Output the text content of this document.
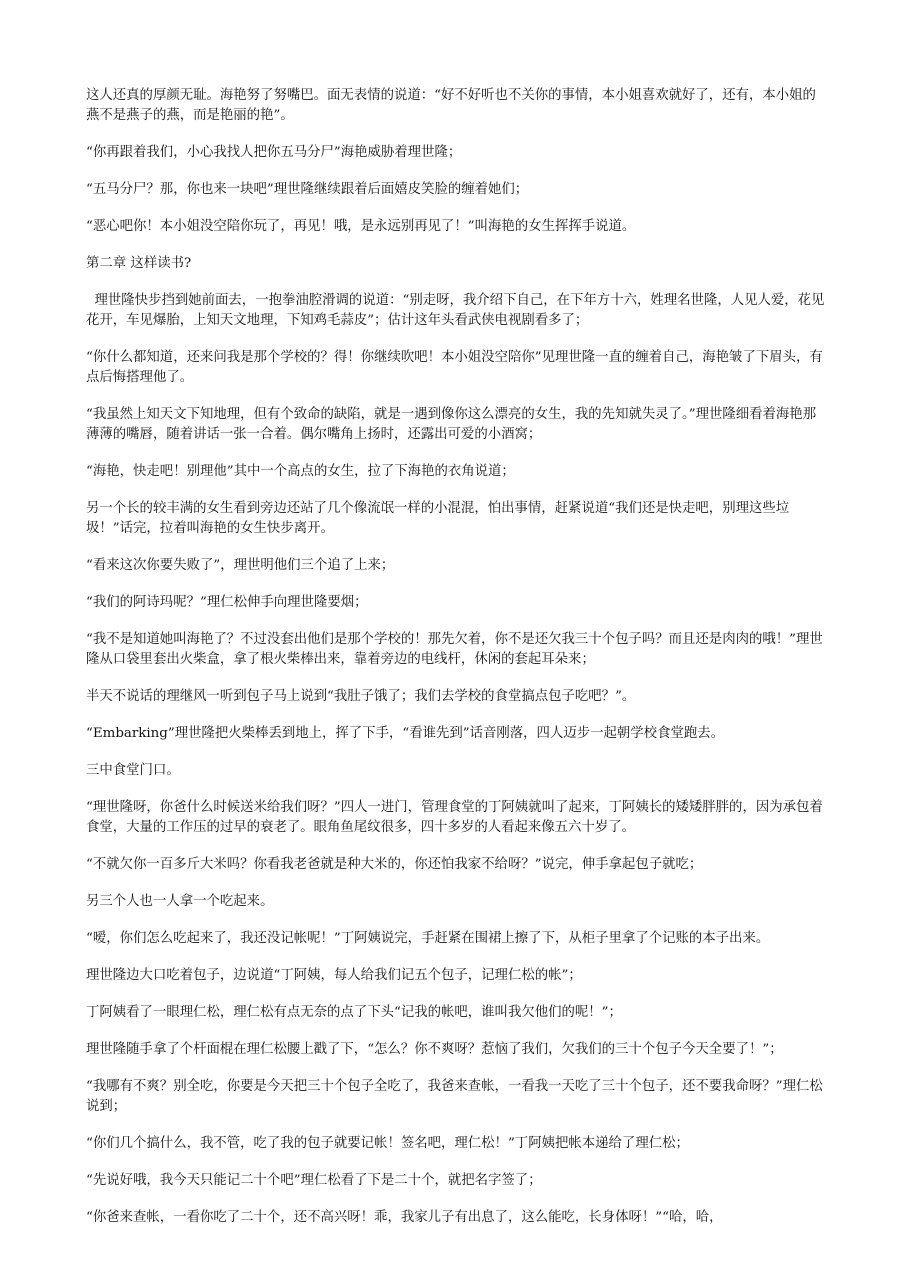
这人还真的厚颜无耻。海艳努了努嘴巴。面无表情的说道：“好不好听也不关你的事情，本小姐喜欢就好了，还有，本小姐的燕不是燕子的燕，而是艳丽的艳”。

“你再跟着我们，小心我找人把你五马分尸”海艳威胁着理世隆；

“五马分尸？那，你也来一块吧”理世隆继续跟着后面嬉皮笑脸的缠着她们；

“恶心吧你！本小姐没空陪你玩了，再见！哦，是永远别再见了！”叫海艳的女生挥挥手说道。

第二章 这样读书?

理世隆快步挡到她前面去，一抱拳油腔滑调的说道：“别走呀，我介绍下自己，在下年方十六，姓理名世隆，人见人爱，花见花开，车见爆胎，上知天文地理，下知鸡毛蒜皮”；估计这年头看武侠电视剧看多了；

“你什么都知道，还来问我是那个学校的？得！你继续吹吧！本小姐没空陪你”见理世隆一直的缠着自己，海艳皱了下眉头，有点后悔搭理他了。

“我虽然上知天文下知地理，但有个致命的缺陷，就是一遇到像你这么漂亮的女生，我的先知就失灵了。”理世隆细看着海艳那薄薄的嘴唇，随着讲话一张一合着。偶尔嘴角上扬时，还露出可爱的小酒窝；

“海艳，快走吧！别理他”其中一个高点的女生，拉了下海艳的衣角说道；

另一个长的较丰满的女生看到旁边还站了几个像流氓一样的小混混，怕出事情，赶紧说道“我们还是快走吧，别理这些垃圾！”话完，拉着叫海艳的女生快步离开。

“看来这次你要失败了”，理世明他们三个追了上来；

“我们的阿诗玛呢？”理仁松伸手向理世隆要烟；

“我不是知道她叫海艳了？不过没套出他们是那个学校的！那先欠着，你不是还欠我三十个包子吗？而且还是肉肉的哦！”理世隆从口袋里套出火柴盒，拿了根火柴棒出来，靠着旁边的电线杆，休闲的套起耳朵来；

半天不说话的理继风一听到包子马上说到“我肚子饿了；我们去学校的食堂搞点包子吃吧？”。

“Embarking”理世隆把火柴棒丢到地上，挥了下手，“看谁先到”话音刚落，四人迈步一起朝学校食堂跑去。

三中食堂门口。

“理世隆呀，你爸什么时候送米给我们呀？”四人一进门，管理食堂的丁阿姨就叫了起来，丁阿姨长的矮矮胖胖的，因为承包着食堂，大量的工作压的过早的衰老了。眼角鱼尾纹很多，四十多岁的人看起来像五六十岁了。

“不就欠你一百多斤大米吗？你看我老爸就是种大米的，你还怕我家不给呀？”说完，伸手拿起包子就吃；

另三个人也一人拿一个吃起来。

“嗳，你们怎么吃起来了，我还没记帐呢！”丁阿姨说完，手赶紧在围裙上擦了下，从柜子里拿了个记账的本子出来。

理世隆边大口吃着包子，边说道“丁阿姨，每人给我们记五个包子，记理仁松的帐”；

丁阿姨看了一眼理仁松，理仁松有点无奈的点了下头“记我的帐吧，谁叫我欠他们的呢！”；

理世隆随手拿了个杆面棍在理仁松腰上戳了下，“怎么？你不爽呀？惹恼了我们，欠我们的三十个包子今天全要了！”；

“我哪有不爽？别全吃，你要是今天把三十个包子全吃了，我爸来查帐，一看我一天吃了三十个包子，还不要我命呀？”理仁松说到；

“你们几个搞什么，我不管，吃了我的包子就要记帐！签名吧，理仁松！”丁阿姨把帐本递给了理仁松；

“先说好哦，我今天只能记二十个吧”理仁松看了下是二十个，就把名字签了；

“你爸来查帐，一看你吃了二十个，还不高兴呀！乖，我家儿子有出息了，这么能吃，长身体呀！”“哈，哈，
